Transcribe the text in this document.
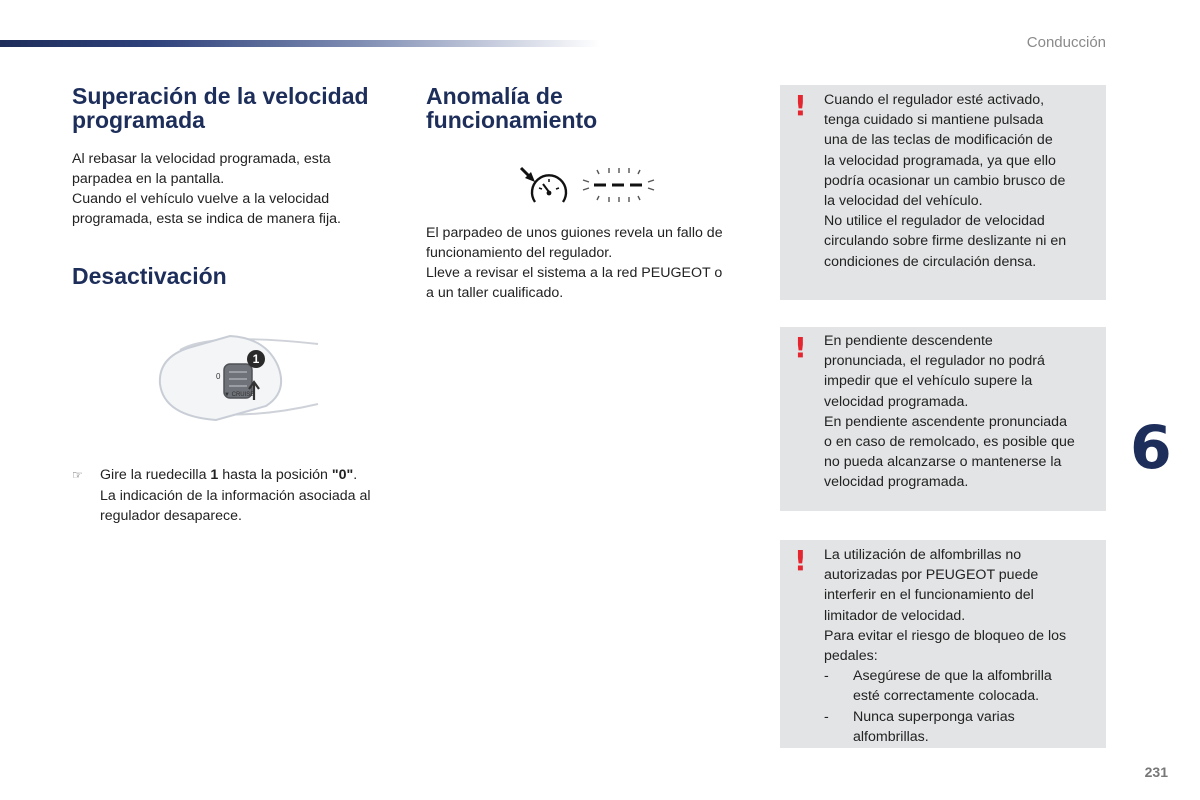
Conducción
Superación de la velocidad
programada
Al rebasar la velocidad programada, esta
parpadea en la pantalla.
Cuando el vehículo vuelve a la velocidad
programada, esta se indica de manera fija.
Desactivación
1
0
▼ CRUISE
☞ Gire la ruedecilla 1 hasta la posición "0".
La indicación de la información asociada al
regulador desaparece.
Anomalía de
funcionamiento
El parpadeo de unos guiones revela un fallo de
funcionamiento del regulador.
Lleve a revisar el sistema a la red PEUGEOT o
a un taller cualificado.
! Cuando el regulador esté activado,
tenga cuidado si mantiene pulsada
una de las teclas de modificación de
la velocidad programada, ya que ello
podría ocasionar un cambio brusco de
la velocidad del vehículo.
No utilice el regulador de velocidad
circulando sobre firme deslizante ni en
condiciones de circulación densa.
! En pendiente descendente
pronunciada, el regulador no podrá
impedir que el vehículo supere la
velocidad programada.
En pendiente ascendente pronunciada
o en caso de remolcado, es posible que
no pueda alcanzarse o mantenerse la
velocidad programada.
! La utilización de alfombrillas no
autorizadas por PEUGEOT puede
interferir en el funcionamiento del
limitador de velocidad.
Para evitar el riesgo de bloqueo de los
pedales:
- Asegúrese de que la alfombrilla
esté correctamente colocada.
- Nunca superponga varias
alfombrillas.
6
231
